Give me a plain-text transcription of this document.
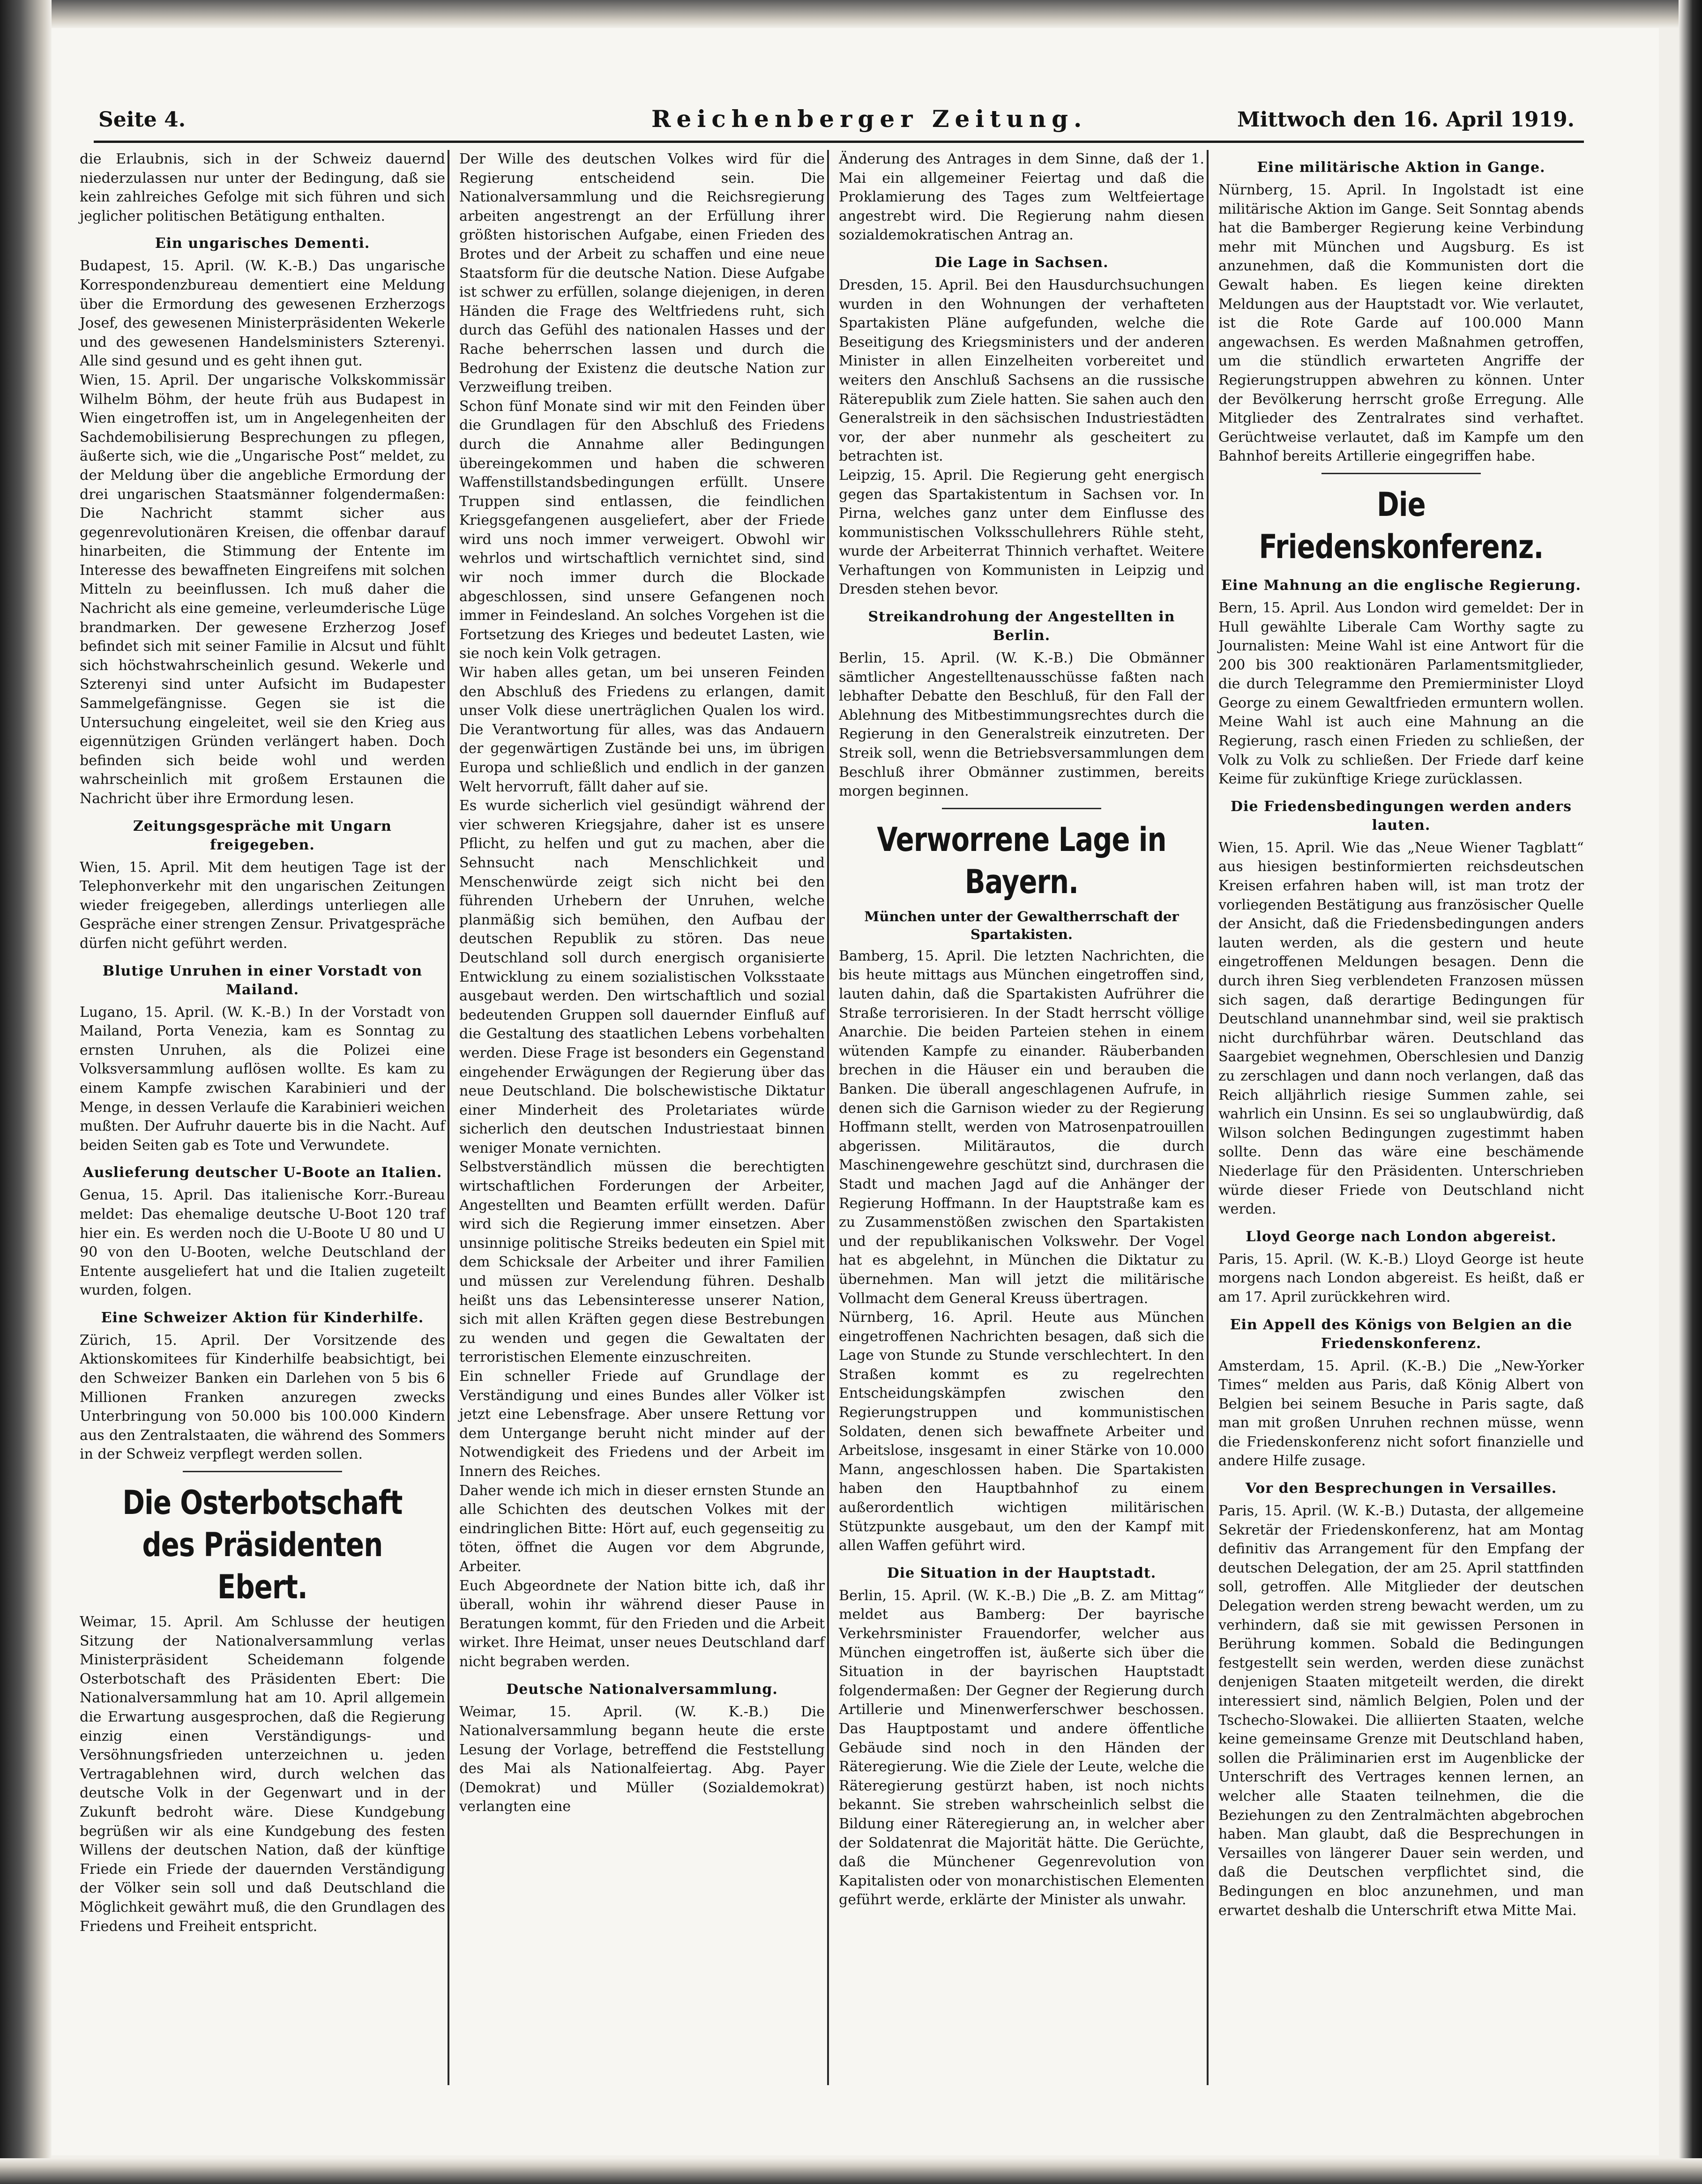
Seite 4.	Reichenberger Zeitung.	Mittwoch den 16. April 1919.
die Erlaubnis, sich in der Schweiz dauernd niederzulassen nur unter der Bedingung, daß sie kein zahlreiches Gefolge mit sich führen und sich jeglicher politischen Betätigung enthalten.
Ein ungarisches Dementi.
Budapest, 15. April. (W. K.-B.) Das ungarische Korrespondenzbureau dementiert eine Meldung über die Ermordung des gewesenen Erzherzogs Josef, des gewesenen Ministerpräsidenten Wekerle und des gewesenen Handelsministers Szterenyi. Alle sind gesund und es geht ihnen gut.
Wien, 15. April. Der ungarische Volkskommissär Wilhelm Böhm, der heute früh aus Budapest in Wien eingetroffen ist, um in Angelegenheiten der Sachdemobilisierung Besprechungen zu pflegen, äußerte sich, wie die „Ungarische Post“ meldet, zu der Meldung über die angebliche Ermordung der drei ungarischen Staatsmänner folgendermaßen: Die Nachricht stammt sicher aus gegenrevolutionären Kreisen, die offenbar darauf hinarbeiten, die Stimmung der Entente im Interesse des bewaffneten Eingreifens mit solchen Mitteln zu beeinflussen. Ich muß daher die Nachricht als eine gemeine, verleumderische Lüge brandmarken. Der gewesene Erzherzog Josef befindet sich mit seiner Familie in Alcsut und fühlt sich höchstwahrscheinlich gesund. Wekerle und Szterenyi sind unter Aufsicht im Budapester Sammelgefängnisse. Gegen sie ist die Untersuchung eingeleitet, weil sie den Krieg aus eigennützigen Gründen verlängert haben. Doch befinden sich beide wohl und werden wahrscheinlich mit großem Erstaunen die Nachricht über ihre Ermordung lesen.
Zeitungsgespräche mit Ungarn freigegeben.
Wien, 15. April. Mit dem heutigen Tage ist der Telephonverkehr mit den ungarischen Zeitungen wieder freigegeben, allerdings unterliegen alle Gespräche einer strengen Zensur. Privatgespräche dürfen nicht geführt werden.
Blutige Unruhen in einer Vorstadt von Mailand.
Lugano, 15. April. (W. K.-B.) In der Vorstadt von Mailand, Porta Venezia, kam es Sonntag zu ernsten Unruhen, als die Polizei eine Volksversammlung auflösen wollte. Es kam zu einem Kampfe zwischen Karabinieri und der Menge, in dessen Verlaufe die Karabinieri weichen mußten. Der Aufruhr dauerte bis in die Nacht. Auf beiden Seiten gab es Tote und Verwundete.
Auslieferung deutscher U-Boote an Italien.
Genua, 15. April. Das italienische Korr.-Bureau meldet: Das ehemalige deutsche U-Boot 120 traf hier ein. Es werden noch die U-Boote U 80 und U 90 von den U-Booten, welche Deutschland der Entente ausgeliefert hat und die Italien zugeteilt wurden, folgen.
Eine Schweizer Aktion für Kinderhilfe.
Zürich, 15. April. Der Vorsitzende des Aktionskomitees für Kinderhilfe beabsichtigt, bei den Schweizer Banken ein Darlehen von 5 bis 6 Millionen Franken anzuregen zwecks Unterbringung von 50.000 bis 100.000 Kindern aus den Zentralstaaten, die während des Sommers in der Schweiz verpflegt werden sollen.
Die Osterbotschaft des Präsidenten Ebert.
Weimar, 15. April. Am Schlusse der heutigen Sitzung der Nationalversammlung verlas Ministerpräsident Scheidemann folgende Osterbotschaft des Präsidenten Ebert: Die Nationalversammlung hat am 10. April allgemein die Erwartung ausgesprochen, daß die Regierung einzig einen Verständigungs- und Versöhnungsfrieden unterzeichnen u. jeden Vertragablehnen wird, durch welchen das deutsche Volk in der Gegenwart und in der Zukunft bedroht wäre. Diese Kundgebung begrüßen wir als eine Kundgebung des festen Willens der deutschen Nation, daß der künftige Friede ein Friede der dauernden Verständigung der Völker sein soll und daß Deutschland die Möglichkeit gewährt muß, die den Grundlagen des Friedens und Freiheit entspricht.
Der Wille des deutschen Volkes wird für die Regierung entscheidend sein. Die Nationalversammlung und die Reichsregierung arbeiten angestrengt an der Erfüllung ihrer größten historischen Aufgabe, einen Frieden des Brotes und der Arbeit zu schaffen und eine neue Staatsform für die deutsche Nation. Diese Aufgabe ist schwer zu erfüllen, solange diejenigen, in deren Händen die Frage des Weltfriedens ruht, sich durch das Gefühl des nationalen Hasses und der Rache beherrschen lassen und durch die Bedrohung der Existenz die deutsche Nation zur Verzweiflung treiben.
Schon fünf Monate sind wir mit den Feinden über die Grundlagen für den Abschluß des Friedens durch die Annahme aller Bedingungen übereingekommen und haben die schweren Waffenstillstandsbedingungen erfüllt. Unsere Truppen sind entlassen, die feindlichen Kriegsgefangenen ausgeliefert, aber der Friede wird uns noch immer verweigert. Obwohl wir wehrlos und wirtschaftlich vernichtet sind, sind wir noch immer durch die Blockade abgeschlossen, sind unsere Gefangenen noch immer in Feindesland. An solches Vorgehen ist die Fortsetzung des Krieges und bedeutet Lasten, wie sie noch kein Volk getragen.
Wir haben alles getan, um bei unseren Feinden den Abschluß des Friedens zu erlangen, damit unser Volk diese unerträglichen Qualen los wird. Die Verantwortung für alles, was das Andauern der gegenwärtigen Zustände bei uns, im übrigen Europa und schließlich und endlich in der ganzen Welt hervorruft, fällt daher auf sie.
Es wurde sicherlich viel gesündigt während der vier schweren Kriegsjahre, daher ist es unsere Pflicht, zu helfen und gut zu machen, aber die Sehnsucht nach Menschlichkeit und Menschenwürde zeigt sich nicht bei den führenden Urhebern der Unruhen, welche planmäßig sich bemühen, den Aufbau der deutschen Republik zu stören. Das neue Deutschland soll durch energisch organisierte Entwicklung zu einem sozialistischen Volksstaate ausgebaut werden. Den wirtschaftlich und sozial bedeutenden Gruppen soll dauernder Einfluß auf die Gestaltung des staatlichen Lebens vorbehalten werden. Diese Frage ist besonders ein Gegenstand eingehender Erwägungen der Regierung über das neue Deutschland. Die bolschewistische Diktatur einer Minderheit des Proletariates würde sicherlich den deutschen Industriestaat binnen weniger Monate vernichten.
Selbstverständlich müssen die berechtigten wirtschaftlichen Forderungen der Arbeiter, Angestellten und Beamten erfüllt werden. Dafür wird sich die Regierung immer einsetzen. Aber unsinnige politische Streiks bedeuten ein Spiel mit dem Schicksale der Arbeiter und ihrer Familien und müssen zur Verelendung führen. Deshalb heißt uns das Lebensinteresse unserer Nation, sich mit allen Kräften gegen diese Bestrebungen zu wenden und gegen die Gewaltaten der terroristischen Elemente einzuschreiten.
Ein schneller Friede auf Grundlage der Verständigung und eines Bundes aller Völker ist jetzt eine Lebensfrage. Aber unsere Rettung vor dem Untergange beruht nicht minder auf der Notwendigkeit des Friedens und der Arbeit im Innern des Reiches.
Daher wende ich mich in dieser ernsten Stunde an alle Schichten des deutschen Volkes mit der eindringlichen Bitte: Hört auf, euch gegenseitig zu töten, öffnet die Augen vor dem Abgrunde, Arbeiter.
Euch Abgeordnete der Nation bitte ich, daß ihr überall, wohin ihr während dieser Pause in Beratungen kommt, für den Frieden und die Arbeit wirket. Ihre Heimat, unser neues Deutschland darf nicht begraben werden.
Deutsche Nationalversammlung.
Weimar, 15. April. (W. K.-B.) Die Nationalversammlung begann heute die erste Lesung der Vorlage, betreffend die Feststellung des Mai als Nationalfeiertag. Abg. Payer (Demokrat) und Müller (Sozialdemokrat) verlangten eine
Änderung des Antrages in dem Sinne, daß der 1. Mai ein allgemeiner Feiertag und daß die Proklamierung des Tages zum Weltfeiertage angestrebt wird. Die Regierung nahm diesen sozialdemokratischen Antrag an.
Die Lage in Sachsen.
Dresden, 15. April. Bei den Hausdurchsuchungen wurden in den Wohnungen der verhafteten Spartakisten Pläne aufgefunden, welche die Beseitigung des Kriegsministers und der anderen Minister in allen Einzelheiten vorbereitet und weiters den Anschluß Sachsens an die russische Räterepublik zum Ziele hatten. Sie sahen auch den Generalstreik in den sächsischen Industriestädten vor, der aber nunmehr als gescheitert zu betrachten ist.
Leipzig, 15. April. Die Regierung geht energisch gegen das Spartakistentum in Sachsen vor. In Pirna, welches ganz unter dem Einflusse des kommunistischen Volksschullehrers Rühle steht, wurde der Arbeiterrat Thinnich verhaftet. Weitere Verhaftungen von Kommunisten in Leipzig und Dresden stehen bevor.
Streikandrohung der Angestellten in Berlin.
Berlin, 15. April. (W. K.-B.) Die Obmänner sämtlicher Angestelltenausschüsse faßten nach lebhafter Debatte den Beschluß, für den Fall der Ablehnung des Mitbestimmungsrechtes durch die Regierung in den Generalstreik einzutreten. Der Streik soll, wenn die Betriebsversammlungen dem Beschluß ihrer Obmänner zustimmen, bereits morgen beginnen.
Verworrene Lage in Bayern.
München unter der Gewaltherrschaft der Spartakisten.
Bamberg, 15. April. Die letzten Nachrichten, die bis heute mittags aus München eingetroffen sind, lauten dahin, daß die Spartakisten Aufrührer die Straße terrorisieren. In der Stadt herrscht völlige Anarchie. Die beiden Parteien stehen in einem wütenden Kampfe zu einander. Räuberbanden brechen in die Häuser ein und berauben die Banken. Die überall angeschlagenen Aufrufe, in denen sich die Garnison wieder zu der Regierung Hoffmann stellt, werden von Matrosenpatrouillen abgerissen. Militärautos, die durch Maschinengewehre geschützt sind, durchrasen die Stadt und machen Jagd auf die Anhänger der Regierung Hoffmann. In der Hauptstraße kam es zu Zusammenstößen zwischen den Spartakisten und der republikanischen Volkswehr. Der Vogel hat es abgelehnt, in München die Diktatur zu übernehmen. Man will jetzt die militärische Vollmacht dem General Kreuss übertragen.
Nürnberg, 16. April. Heute aus München eingetroffenen Nachrichten besagen, daß sich die Lage von Stunde zu Stunde verschlechtert. In den Straßen kommt es zu regelrechten Entscheidungskämpfen zwischen den Regierungstruppen und kommunistischen Soldaten, denen sich bewaffnete Arbeiter und Arbeitslose, insgesamt in einer Stärke von 10.000 Mann, angeschlossen haben. Die Spartakisten haben den Hauptbahnhof zu einem außerordentlich wichtigen militärischen Stützpunkte ausgebaut, um den der Kampf mit allen Waffen geführt wird.
Die Situation in der Hauptstadt.
Berlin, 15. April. (W. K.-B.) Die „B. Z. am Mittag“ meldet aus Bamberg: Der bayrische Verkehrsminister Frauendorfer, welcher aus München eingetroffen ist, äußerte sich über die Situation in der bayrischen Hauptstadt folgendermaßen: Der Gegner der Regierung durch Artillerie und Minenwerferschwer beschossen. Das Hauptpostamt und andere öffentliche Gebäude sind noch in den Händen der Räteregierung. Wie die Ziele der Leute, welche die Räteregierung gestürzt haben, ist noch nichts bekannt. Sie streben wahrscheinlich selbst die Bildung einer Räteregierung an, in welcher aber der Soldatenrat die Majorität hätte. Die Gerüchte, daß die Münchener Gegenrevolution von Kapitalisten oder von monarchistischen Elementen geführt werde, erklärte der Minister als unwahr.
Eine militärische Aktion in Gange.
Nürnberg, 15. April. In Ingolstadt ist eine militärische Aktion im Gange. Seit Sonntag abends hat die Bamberger Regierung keine Verbindung mehr mit München und Augsburg. Es ist anzunehmen, daß die Kommunisten dort die Gewalt haben. Es liegen keine direkten Meldungen aus der Hauptstadt vor. Wie verlautet, ist die Rote Garde auf 100.000 Mann angewachsen. Es werden Maßnahmen getroffen, um die stündlich erwarteten Angriffe der Regierungstruppen abwehren zu können. Unter der Bevölkerung herrscht große Erregung. Alle Mitglieder des Zentralrates sind verhaftet. Gerüchtweise verlautet, daß im Kampfe um den Bahnhof bereits Artillerie eingegriffen habe.
Die Friedenskonferenz.
Eine Mahnung an die englische Regierung.
Bern, 15. April. Aus London wird gemeldet: Der in Hull gewählte Liberale Cam Worthy sagte zu Journalisten: Meine Wahl ist eine Antwort für die 200 bis 300 reaktionären Parlamentsmitglieder, die durch Telegramme den Premierminister Lloyd George zu einem Gewaltfrieden ermuntern wollen. Meine Wahl ist auch eine Mahnung an die Regierung, rasch einen Frieden zu schließen, der Volk zu Volk zu schließen. Der Friede darf keine Keime für zukünftige Kriege zurücklassen.
Die Friedensbedingungen werden anders lauten.
Wien, 15. April. Wie das „Neue Wiener Tagblatt“ aus hiesigen bestinformierten reichsdeutschen Kreisen erfahren haben will, ist man trotz der vorliegenden Bestätigung aus französischer Quelle der Ansicht, daß die Friedensbedingungen anders lauten werden, als die gestern und heute eingetroffenen Meldungen besagen. Denn die durch ihren Sieg verblendeten Franzosen müssen sich sagen, daß derartige Bedingungen für Deutschland unannehmbar sind, weil sie praktisch nicht durchführbar wären. Deutschland das Saargebiet wegnehmen, Oberschlesien und Danzig zu zerschlagen und dann noch verlangen, daß das Reich alljährlich riesige Summen zahle, sei wahrlich ein Unsinn. Es sei so unglaubwürdig, daß Wilson solchen Bedingungen zugestimmt haben sollte. Denn das wäre eine beschämende Niederlage für den Präsidenten. Unterschrieben würde dieser Friede von Deutschland nicht werden.
Lloyd George nach London abgereist.
Paris, 15. April. (W. K.-B.) Lloyd George ist heute morgens nach London abgereist. Es heißt, daß er am 17. April zurückkehren wird.
Ein Appell des Königs von Belgien an die Friedenskonferenz.
Amsterdam, 15. April. (K.-B.) Die „New-Yorker Times“ melden aus Paris, daß König Albert von Belgien bei seinem Besuche in Paris sagte, daß man mit großen Unruhen rechnen müsse, wenn die Friedenskonferenz nicht sofort finanzielle und andere Hilfe zusage.
Vor den Besprechungen in Versailles.
Paris, 15. April. (W. K.-B.) Dutasta, der allgemeine Sekretär der Friedenskonferenz, hat am Montag definitiv das Arrangement für den Empfang der deutschen Delegation, der am 25. April stattfinden soll, getroffen. Alle Mitglieder der deutschen Delegation werden streng bewacht werden, um zu verhindern, daß sie mit gewissen Personen in Berührung kommen. Sobald die Bedingungen festgestellt sein werden, werden diese zunächst denjenigen Staaten mitgeteilt werden, die direkt interessiert sind, nämlich Belgien, Polen und der Tschecho-Slowakei. Die alliierten Staaten, welche keine gemeinsame Grenze mit Deutschland haben, sollen die Präliminarien erst im Augenblicke der Unterschrift des Vertrages kennen lernen, an welcher alle Staaten teilnehmen, die die Beziehungen zu den Zentralmächten abgebrochen haben. Man glaubt, daß die Besprechungen in Versailles von längerer Dauer sein werden, und daß die Deutschen verpflichtet sind, die Bedingungen en bloc anzunehmen, und man erwartet deshalb die Unterschrift etwa Mitte Mai.
